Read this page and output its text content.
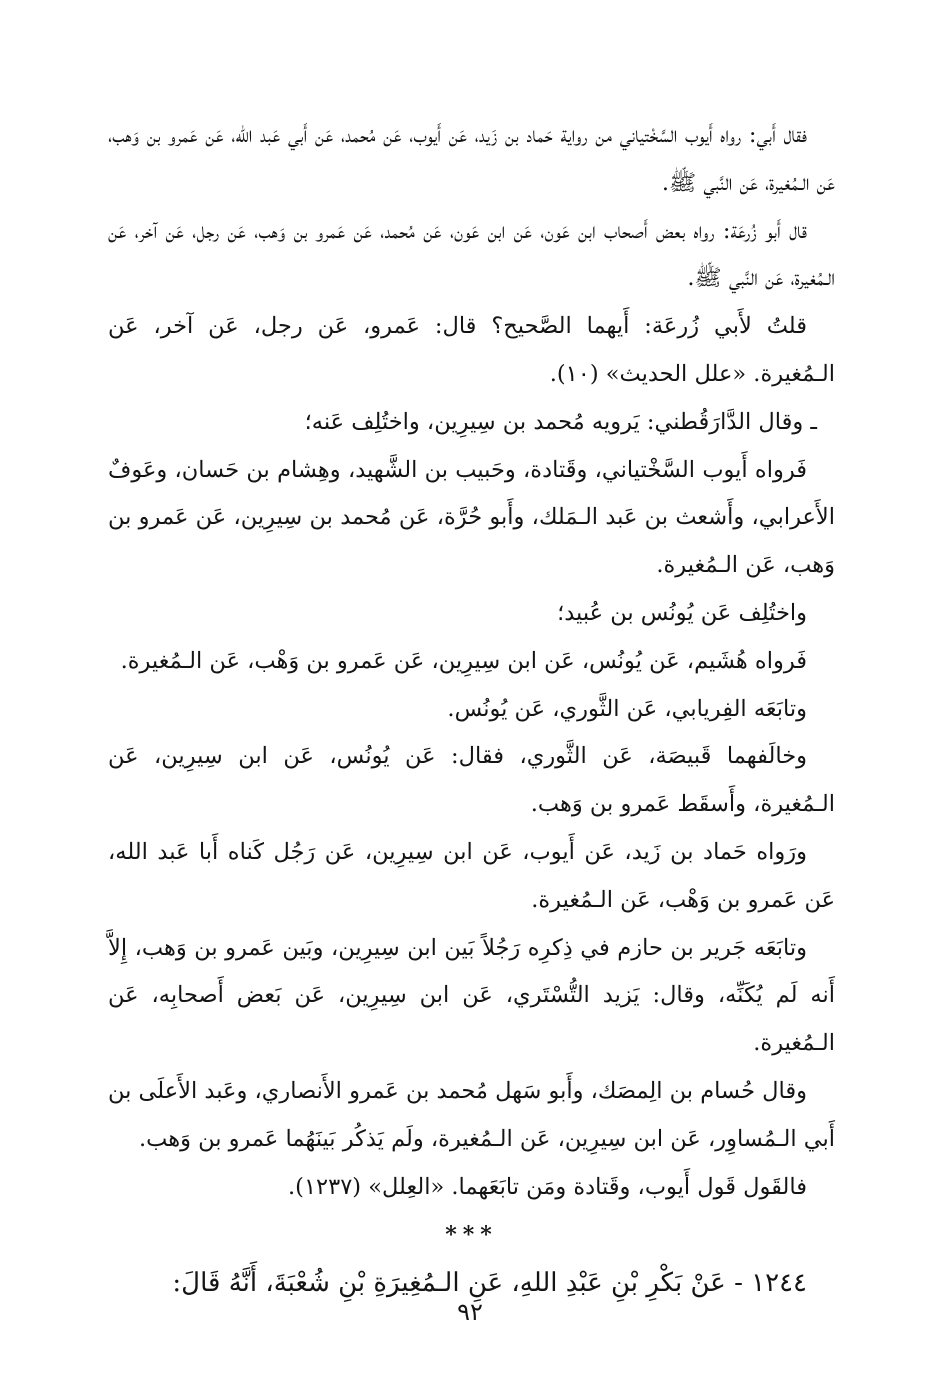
فقال أَبي: رواه أَيوب السَّخْتياني من رواية حَماد بن زَيد، عَن أَيوب، عَن مُحمد، عَن أَبي عَبد الله، عَن عَمرو بن وَهب، عَن الـمُغيرة، عَن النَّبي ﷺ.

قال أَبو زُرعَة: رواه بعض أَصحاب ابن عَون، عَن ابن عَون، عَن مُحمد، عَن عَمرو بن وَهب، عَن رجل، عَن آخر، عَن الـمُغيرة، عَن النَّبي ﷺ.

قلتُ لأَبي زُرعَة: أَيهما الصَّحيح؟ قال: عَمرو، عَن رجل، عَن آخر، عَن الـمُغيرة. «علل الحديث» (١٠).

ـ وقال الدَّارَقُطني: يَرويه مُحمد بن سِيرِين، واختُلِف عَنه؛

فَرواه أَيوب السَّخْتياني، وقَتادة، وحَبيب بن الشَّهيد، وهِشام بن حَسان، وعَوفٌ الأَعرابي، وأَشعث بن عَبد الـمَلك، وأَبو حُرَّة، عَن مُحمد بن سِيرِين، عَن عَمرو بن وَهب، عَن الـمُغيرة.

واختُلِف عَن يُونُس بن عُبيد؛

فَرواه هُشَيم، عَن يُونُس، عَن ابن سِيرِين، عَن عَمرو بن وَهْب، عَن الـمُغيرة.

وتابَعَه الفِريابي، عَن الثَّوري، عَن يُونُس.

وخالَفهما قَبيصَة، عَن الثَّوري، فقال: عَن يُونُس، عَن ابن سِيرِين، عَن الـمُغيرة، وأَسقَط عَمرو بن وَهب.

ورَواه حَماد بن زَيد، عَن أَيوب، عَن ابن سِيرِين، عَن رَجُل كَناه أَبا عَبد الله، عَن عَمرو بن وَهْب، عَن الـمُغيرة.

وتابَعَه جَرير بن حازم في ذِكرِه رَجُلاً بَين ابن سِيرِين، وبَين عَمرو بن وَهب، إِلاَّ أَنه لَم يُكَنِّه، وقال: يَزيد التُّسْتَري، عَن ابن سِيرِين، عَن بَعض أَصحابِه، عَن الـمُغيرة.

وقال حُسام بن الِمصَك، وأَبو سَهل مُحمد بن عَمرو الأَنصاري، وعَبد الأَعلَى بن أَبي الـمُساوِر، عَن ابن سِيرِين، عَن الـمُغيرة، ولَم يَذكُر بَينَهُما عَمرو بن وَهب.

فالقَول قَول أَيوب، وقَتادة ومَن تابَعَهما. «العِلل» (١٢٣٧).

***

١٢٤٤ - عَنْ بَكْرِ بْنِ عَبْدِ اللهِ، عَنِ الـمُغِيرَةِ بْنِ شُعْبَةَ، أَنَّهُ قَالَ:

٩٢
